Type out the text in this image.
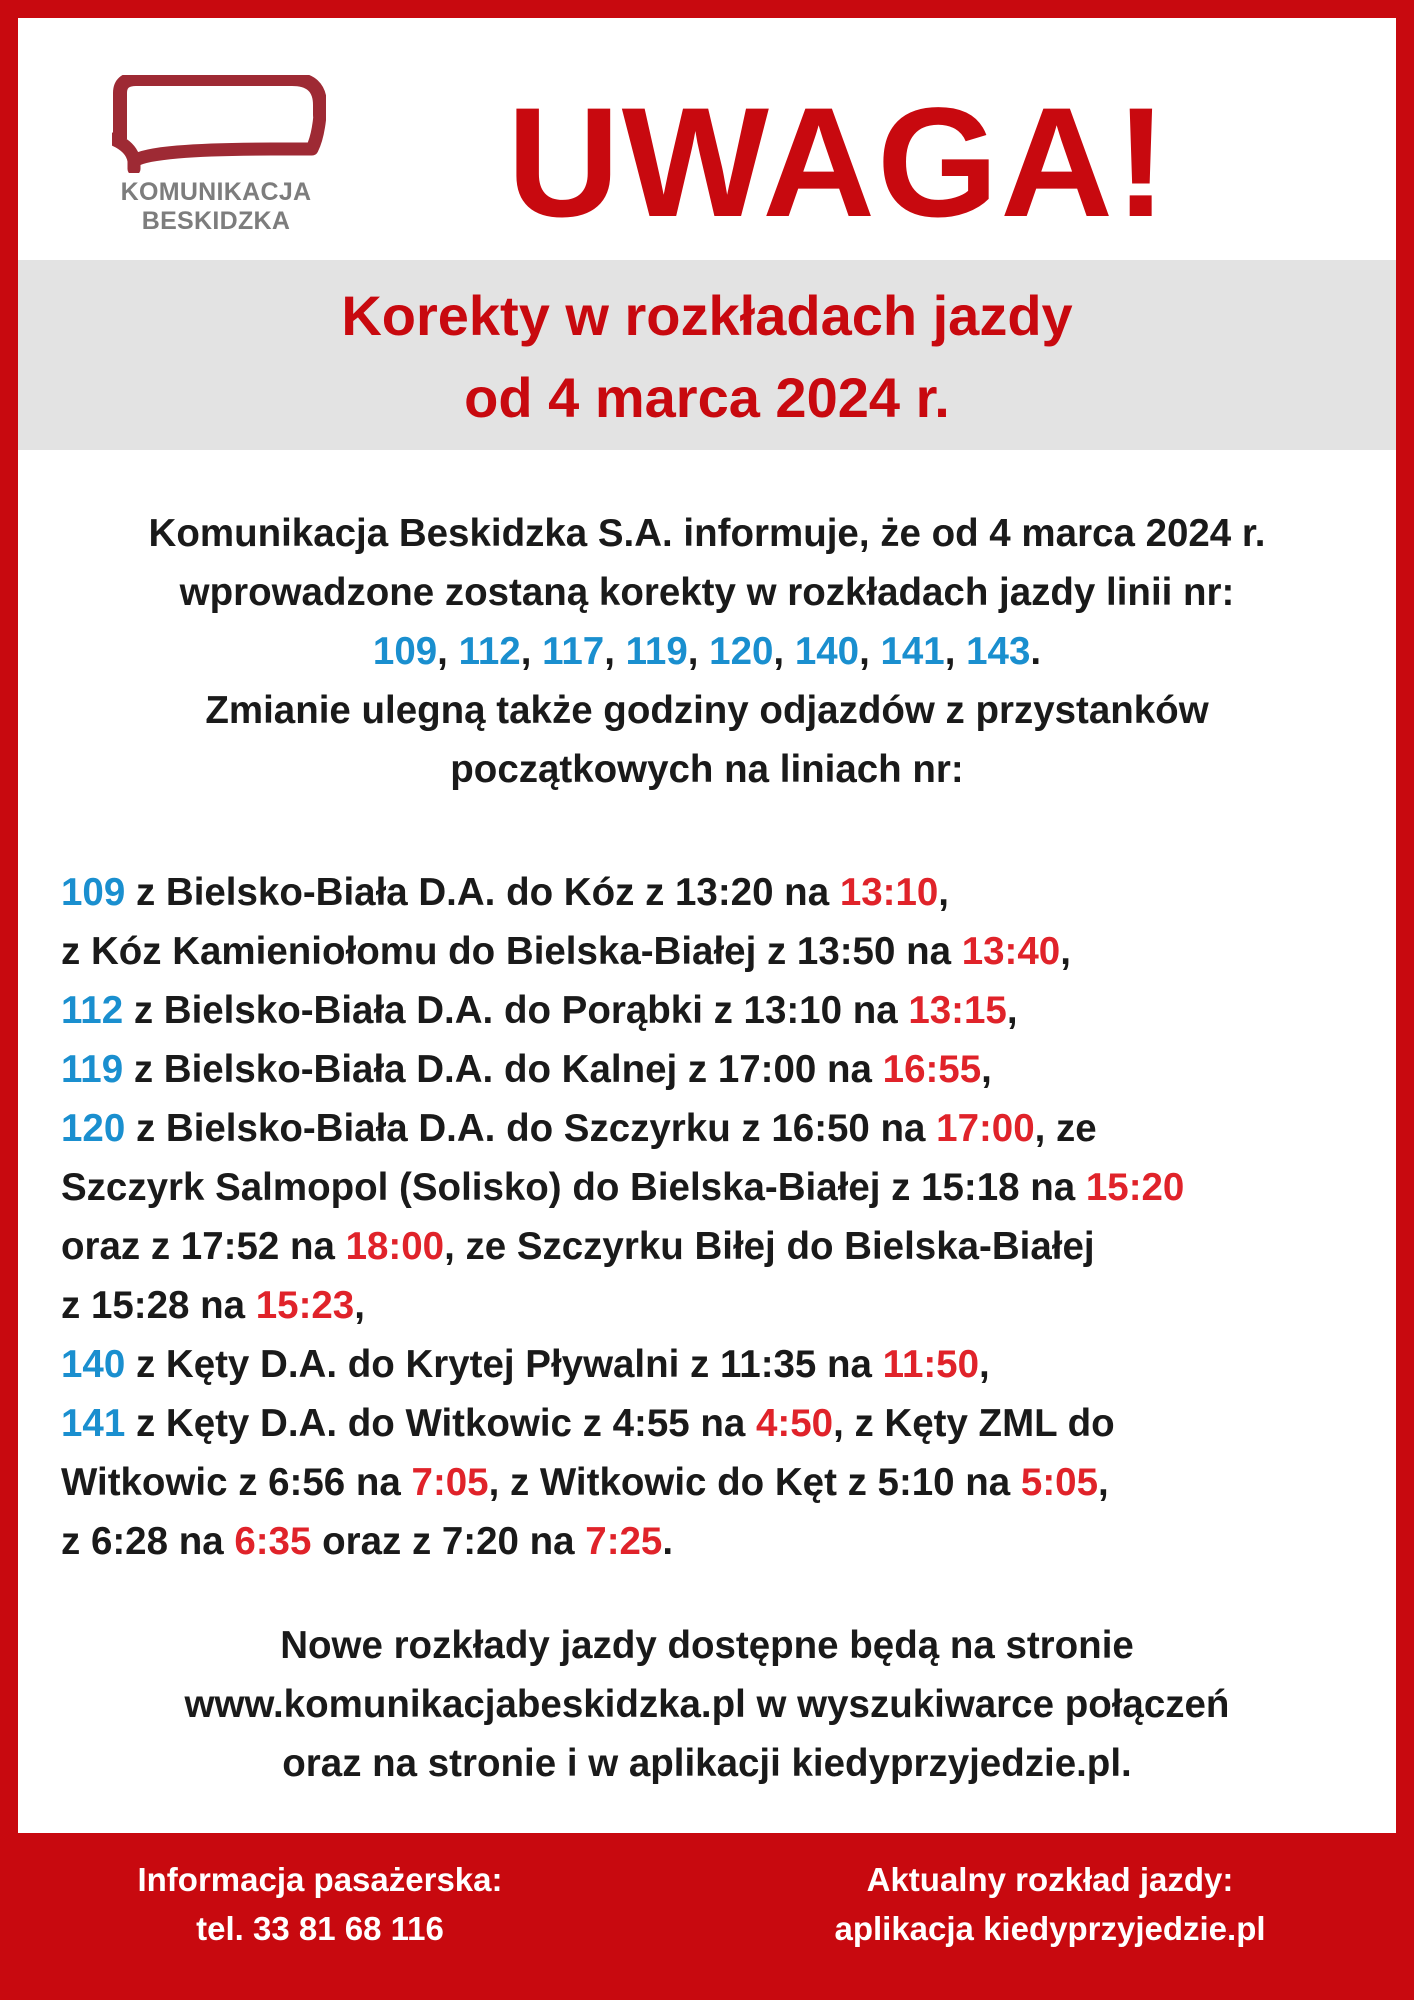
KOMUNIKACJA
BESKIDZKA UWAGA!
Korekty w rozkładach jazdy
od 4 marca 2024 r.
Komunikacja Beskidzka S.A. informuje, że od 4 marca 2024 r.
wprowadzone zostaną korekty w rozkładach jazdy linii nr:
109, 112, 117, 119, 120, 140, 141, 143.
Zmianie ulegną także godziny odjazdów z przystanków
początkowych na liniach nr:
109 z Bielsko-Biała D.A. do Kóz z 13:20 na 13:10,
z Kóz Kamieniołomu do Bielska-Białej z 13:50 na 13:40,
112 z Bielsko-Biała D.A. do Porąbki z 13:10 na 13:15,
119 z Bielsko-Biała D.A. do Kalnej z 17:00 na 16:55,
120 z Bielsko-Biała D.A. do Szczyrku z 16:50 na 17:00, ze
Szczyrk Salmopol (Solisko) do Bielska-Białej z 15:18 na 15:20
oraz z 17:52 na 18:00, ze Szczyrku Biłej do Bielska-Białej
z 15:28 na 15:23,
140 z Kęty D.A. do Krytej Pływalni z 11:35 na 11:50,
141 z Kęty D.A. do Witkowic z 4:55 na 4:50, z Kęty ZML do
Witkowic z 6:56 na 7:05, z Witkowic do Kęt z 5:10 na 5:05,
z 6:28 na 6:35 oraz z 7:20 na 7:25.
Nowe rozkłady jazdy dostępne będą na stronie
www.komunikacjabeskidzka.pl w wyszukiwarce połączeń
oraz na stronie i w aplikacji kiedyprzyjedzie.pl.
Informacja pasażerska:
tel. 33 81 68 116
Aktualny rozkład jazdy:
aplikacja kiedyprzyjedzie.pl
